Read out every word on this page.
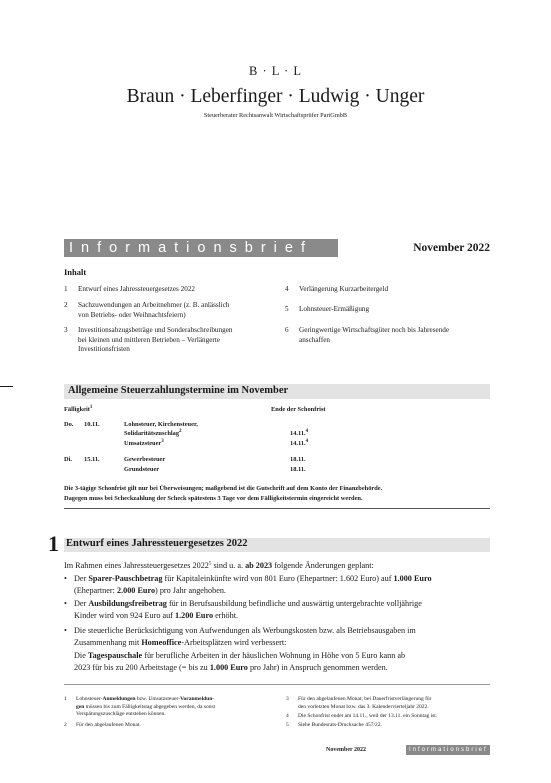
B · L · L
Braun · Leberfinger · Ludwig · Unger
Steuerberater Rechtsanwalt Wirtschaftsprüfer PartGmbB
Informationsbrief	November 2022
Inhalt
1 Entwurf eines Jahressteuergesetzes 2022
2 Sachzuwendungen an Arbeitnehmer (z. B. anlässlich
von Betriebs- oder Weihnachtsfeiern)
3 Investitionsabzugsbeträge und Sonderabschreibungen
bei kleinen und mittleren Betrieben – Verlängerte
Investitionsfristen
4 Verlängerung Kurzarbeitergeld
5 Lohnsteuer-Ermäßigung
6 Geringwertige Wirtschaftsgüter noch bis Jahresende
anschaffen
Allgemeine Steuerzahlungstermine im November
Fälligkeit$^1$	Ende der Schonfrist
Do. 10.11.	Lohnsteuer, Kirchensteuer,
Solidaritätszuschlag$^2$	14.11.$^4$
Umsatzsteuer$^3$	14.11.$^4$
Di. 15.11.	Gewerbesteuer	18.11.
Grundsteuer	18.11.
Die 3-tägige Schonfrist gilt nur bei Überweisungen; maßgebend ist die Gutschrift auf dem Konto der Finanzbehörde.
Dagegen muss bei Scheckzahlung der Scheck spätestens 3 Tage vor dem Fälligkeitstermin eingereicht werden.
1 Entwurf eines Jahressteuergesetzes 2022
Im Rahmen eines Jahressteuergesetzes 2022$^5$ sind u. a. ab 2023 folgende Änderungen geplant:
• Der Sparer-Pauschbetrag für Kapitaleinkünfte wird von 801 Euro (Ehepartner: 1.602 Euro) auf 1.000 Euro
(Ehepartner: 2.000 Euro) pro Jahr angehoben.
• Der Ausbildungsfreibetrag für in Berufsausbildung befindliche und auswärtig untergebrachte volljährige
Kinder wird von 924 Euro auf 1.200 Euro erhöht.
• Die steuerliche Berücksichtigung von Aufwendungen als Werbungskosten bzw. als Betriebsausgaben im
Zusammenhang mit Homeoffice-Arbeitsplätzen wird verbessert:
Die Tagespauschale für berufliche Arbeiten in der häuslichen Wohnung in Höhe von 5 Euro kann ab
2023 für bis zu 200 Arbeitstage (= bis zu 1.000 Euro pro Jahr) in Anspruch genommen werden.
1 Lohnsteuer-Anmeldungen bzw. Umsatzsteuer-Voranmeldun-
gen müssen bis zum Fälligkeitstag abgegeben werden, da sonst
Verspätungszuschläge entstehen können.
2 Für den abgelaufenen Monat.
3 Für den abgelaufenen Monat; bei Dauerfristverlängerung für
den vorletzten Monat bzw. das 3. Kalendervierteljahr 2022.
4 Die Schonfrist endet am 14.11., weil der 13.11. ein Sonntag ist.
5 Siehe Bundesrats-Drucksache 457/22.
November 2022	Informationsbrief
